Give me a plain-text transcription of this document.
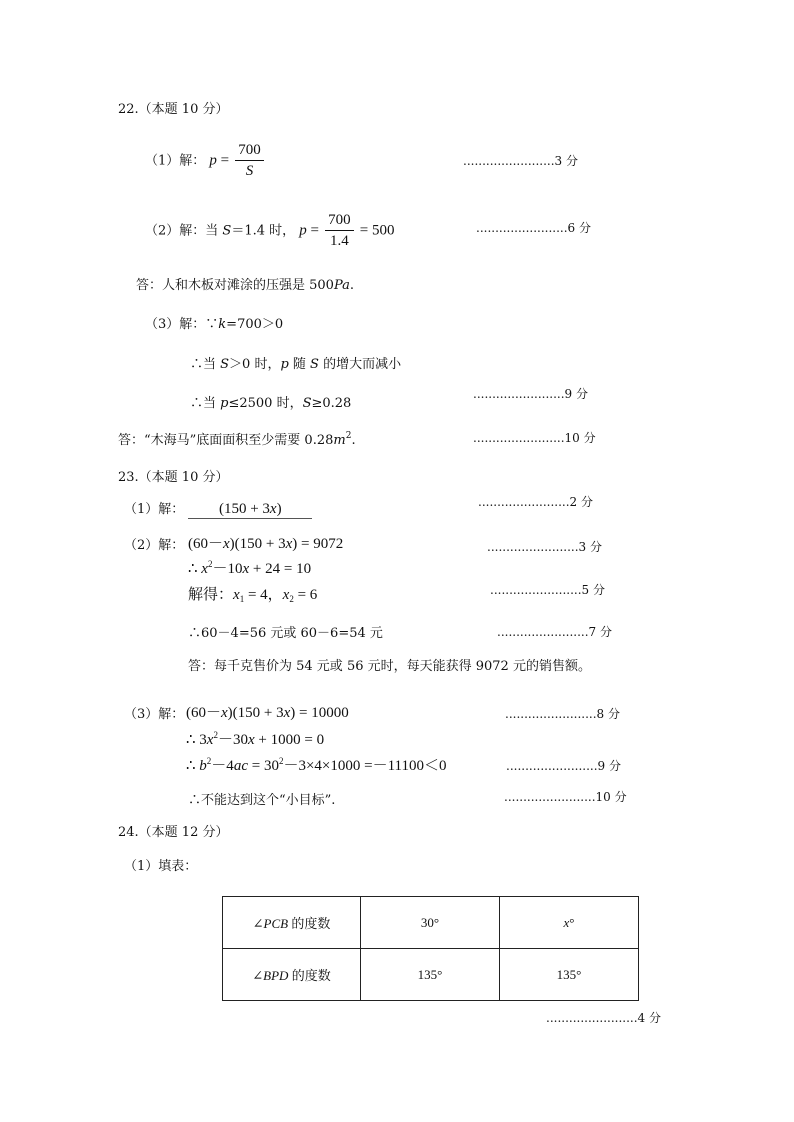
22.（本题 10 分）
（1）解： $p = \frac{700}{S}$	........................3 分
（2）解：当 S＝1.4 时， $p = \frac{700}{1.4} = 500$	........................6 分
答：人和木板对滩涂的压强是 500Pa.
（3）解：∵k=700＞0
∴当 S＞0 时，p 随 S 的增大而减小
∴当 p≤2500 时，S≥0.28
........................9 分
答：“木海马”底面面积至少需要 $0.28m^2$.	........................10 分
23.（本题 10 分）
（1）解： (150 + 3x)	........................2 分
（2）解： (60－x)(150 + 3x) = 9072	........................3 分
∴ $x^2-10x + 24 = 10$
解得：$x_1 = 4$，$x_2 = 6$	........................5 分
∴60－4=56 元或 60－6=54 元	........................7 分
答：每千克售价为 54 元或 56 元时，每天能获得 9072 元的销售额。
（3）解： (60－x)(150 + 3x) = 10000	........................8 分
∴ $3x^2-30x + 1000 = 0$
∴ $b^2-4ac = 30^2-3\times 4\times 1000 =-11100<0$	........................9 分
∴不能达到这个“小目标”.	........................10 分
24.（本题 12 分）
（1）填表：
∠PCB 的度数	30°	x°
∠BPD 的度数	135°	135°
........................4 分
